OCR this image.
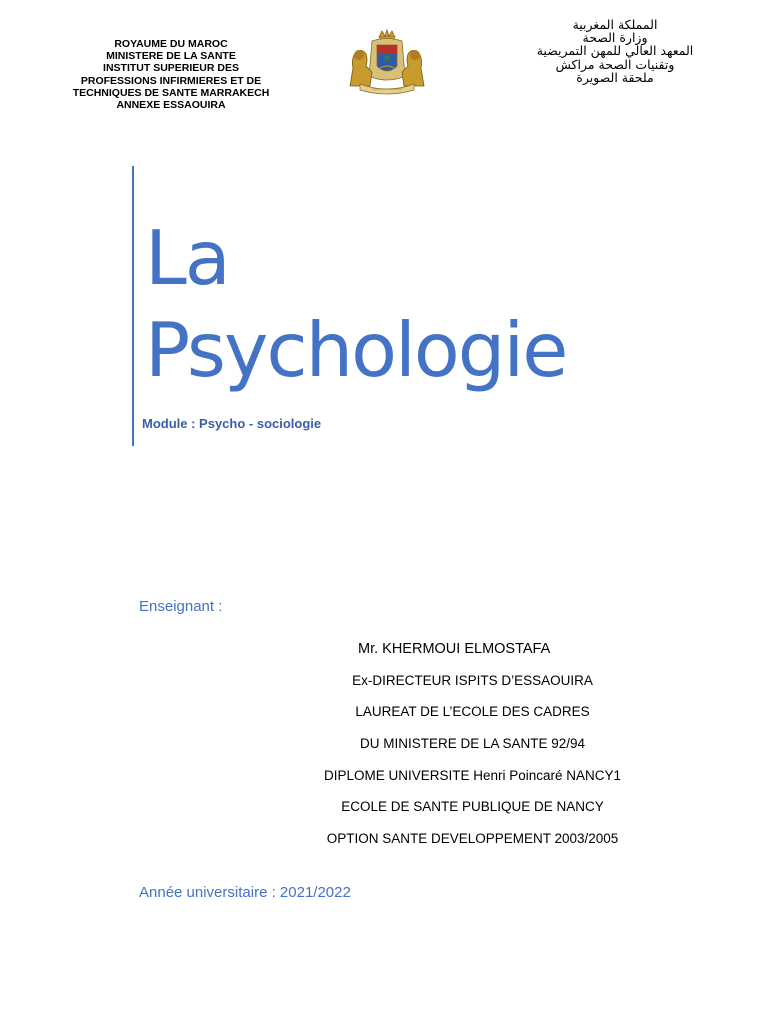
ROYAUME DU MAROC
MINISTERE DE LA SANTE
INSTITUT SUPERIEUR DES
PROFESSIONS INFIRMIERES ET DE
TECHNIQUES DE SANTE MARRAKECH
ANNEXE ESSAOUIRA
المملكة المغربية
وزارة الصحة
المعهد العالي للمهن التمريضية
وتقنيات الصحة مراكش
ملحقة الصويرة
La
Psychologie
Module : Psycho - sociologie
Enseignant :
Mr. KHERMOUI ELMOSTAFA
Ex-DIRECTEUR ISPITS D’ESSAOUIRA
LAUREAT DE L’ECOLE DES CADRES
DU MINISTERE DE LA SANTE 92/94
DIPLOME UNIVERSITE Henri Poincaré NANCY1
ECOLE DE SANTE PUBLIQUE DE NANCY
OPTION SANTE DEVELOPPEMENT 2003/2005
Année universitaire : 2021/2022
